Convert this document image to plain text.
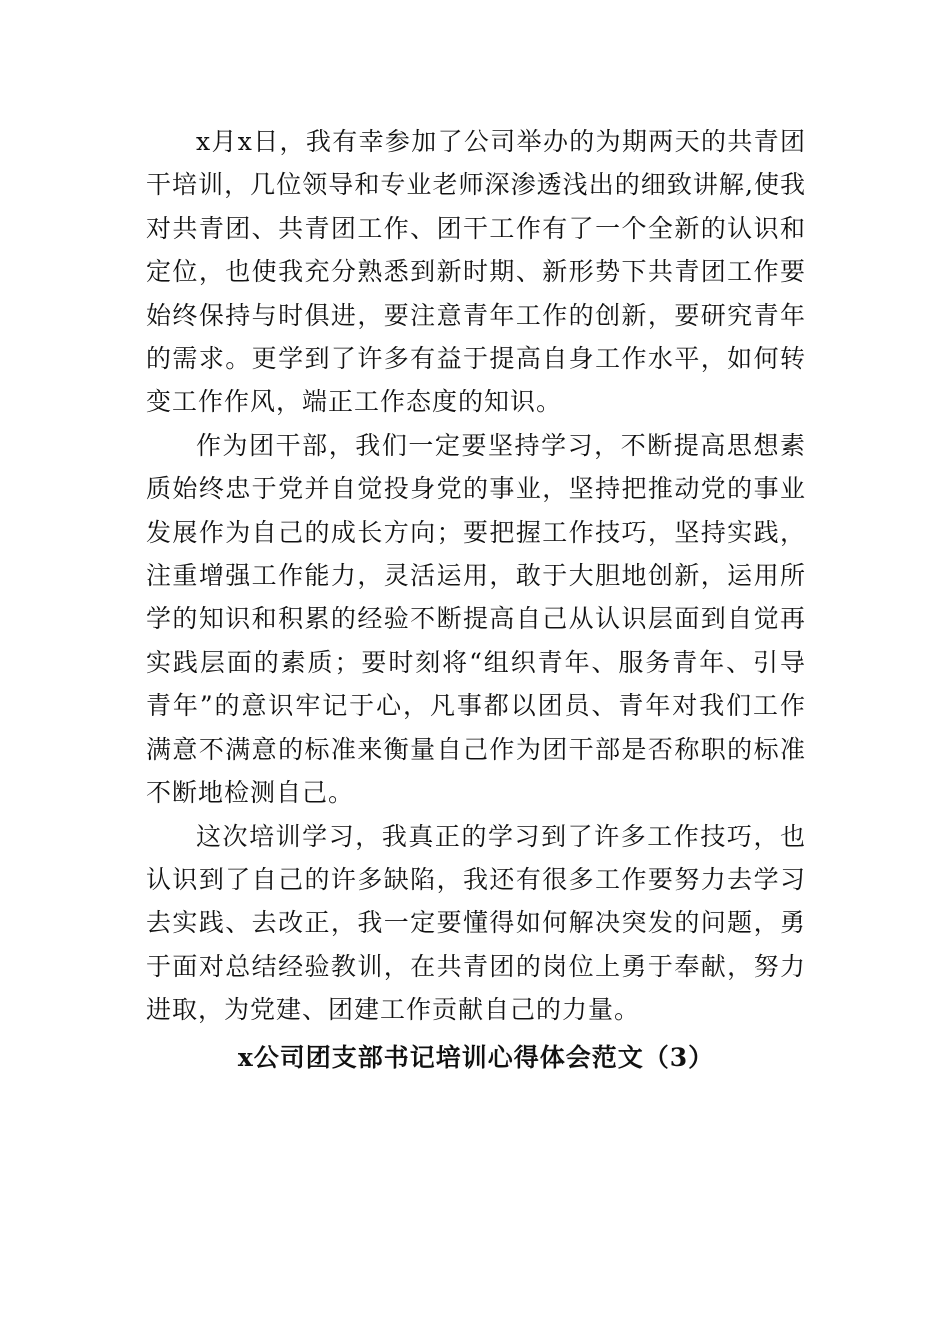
x月x日，我有幸参加了公司举办的为期两天的共青团干培训，几位领导和专业老师深渗透浅出的细致讲解,使我对共青团、共青团工作、团干工作有了一个全新的认识和定位，也使我充分熟悉到新时期、新形势下共青团工作要始终保持与时俱进，要注意青年工作的创新，要研究青年的需求。更学到了许多有益于提高自身工作水平，如何转变工作作风，端正工作态度的知识。

作为团干部，我们一定要坚持学习，不断提高思想素质始终忠于党并自觉投身党的事业，坚持把推动党的事业发展作为自己的成长方向；要把握工作技巧，坚持实践，注重增强工作能力，灵活运用，敢于大胆地创新，运用所学的知识和积累的经验不断提高自己从认识层面到自觉再实践层面的素质；要时刻将“组织青年、服务青年、引导青年”的意识牢记于心，凡事都以团员、青年对我们工作满意不满意的标准来衡量自己作为团干部是否称职的标准不断地检测自己。

这次培训学习，我真正的学习到了许多工作技巧，也认识到了自己的许多缺陷，我还有很多工作要努力去学习去实践、去改正，我一定要懂得如何解决突发的问题，勇于面对总结经验教训，在共青团的岗位上勇于奉献，努力进取，为党建、团建工作贡献自己的力量。

x公司团支部书记培训心得体会范文（3）
